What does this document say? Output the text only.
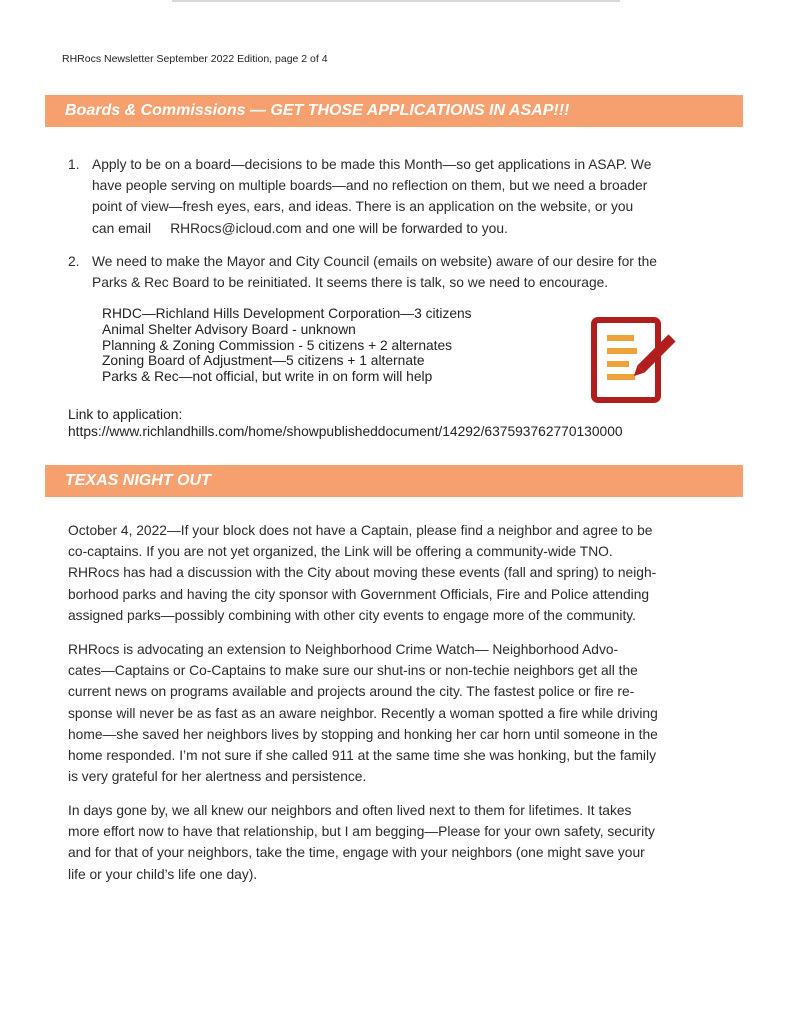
RHRocs Newsletter September 2022 Edition, page 2 of 4
Boards & Commissions — GET THOSE APPLICATIONS IN ASAP!!!
1. Apply to be on a board—decisions to be made this Month—so get applications in ASAP. We
have people serving on multiple boards—and no reflection on them, but we need a broader
point of view—fresh eyes, ears, and ideas. There is an application on the website, or you
can email     RHRocs@icloud.com and one will be forwarded to you.
2. We need to make the Mayor and City Council (emails on website) aware of our desire for the
Parks & Rec Board to be reinitiated. It seems there is talk, so we need to encourage.
RHDC—Richland Hills Development Corporation—3 citizens
Animal Shelter Advisory Board - unknown
Planning & Zoning Commission - 5 citizens + 2 alternates
Zoning Board of Adjustment—5 citizens + 1 alternate
Parks & Rec—not official, but write in on form will help
Link to application:
https://www.richlandhills.com/home/showpublisheddocument/14292/637593762770130000
TEXAS NIGHT OUT
October 4, 2022—If your block does not have a Captain, please find a neighbor and agree to be
co-captains. If you are not yet organized, the Link will be offering a community-wide TNO.
RHRocs has had a discussion with the City about moving these events (fall and spring) to neigh-
borhood parks and having the city sponsor with Government Officials, Fire and Police attending
assigned parks—possibly combining with other city events to engage more of the community.
RHRocs is advocating an extension to Neighborhood Crime Watch— Neighborhood Advo-
cates—Captains or Co-Captains to make sure our shut-ins or non-techie neighbors get all the
current news on programs available and projects around the city. The fastest police or fire re-
sponse will never be as fast as an aware neighbor. Recently a woman spotted a fire while driving
home—she saved her neighbors lives by stopping and honking her car horn until someone in the
home responded. I’m not sure if she called 911 at the same time she was honking, but the family
is very grateful for her alertness and persistence.
In days gone by, we all knew our neighbors and often lived next to them for lifetimes. It takes
more effort now to have that relationship, but I am begging—Please for your own safety, security
and for that of your neighbors, take the time, engage with your neighbors (one might save your
life or your child’s life one day).
